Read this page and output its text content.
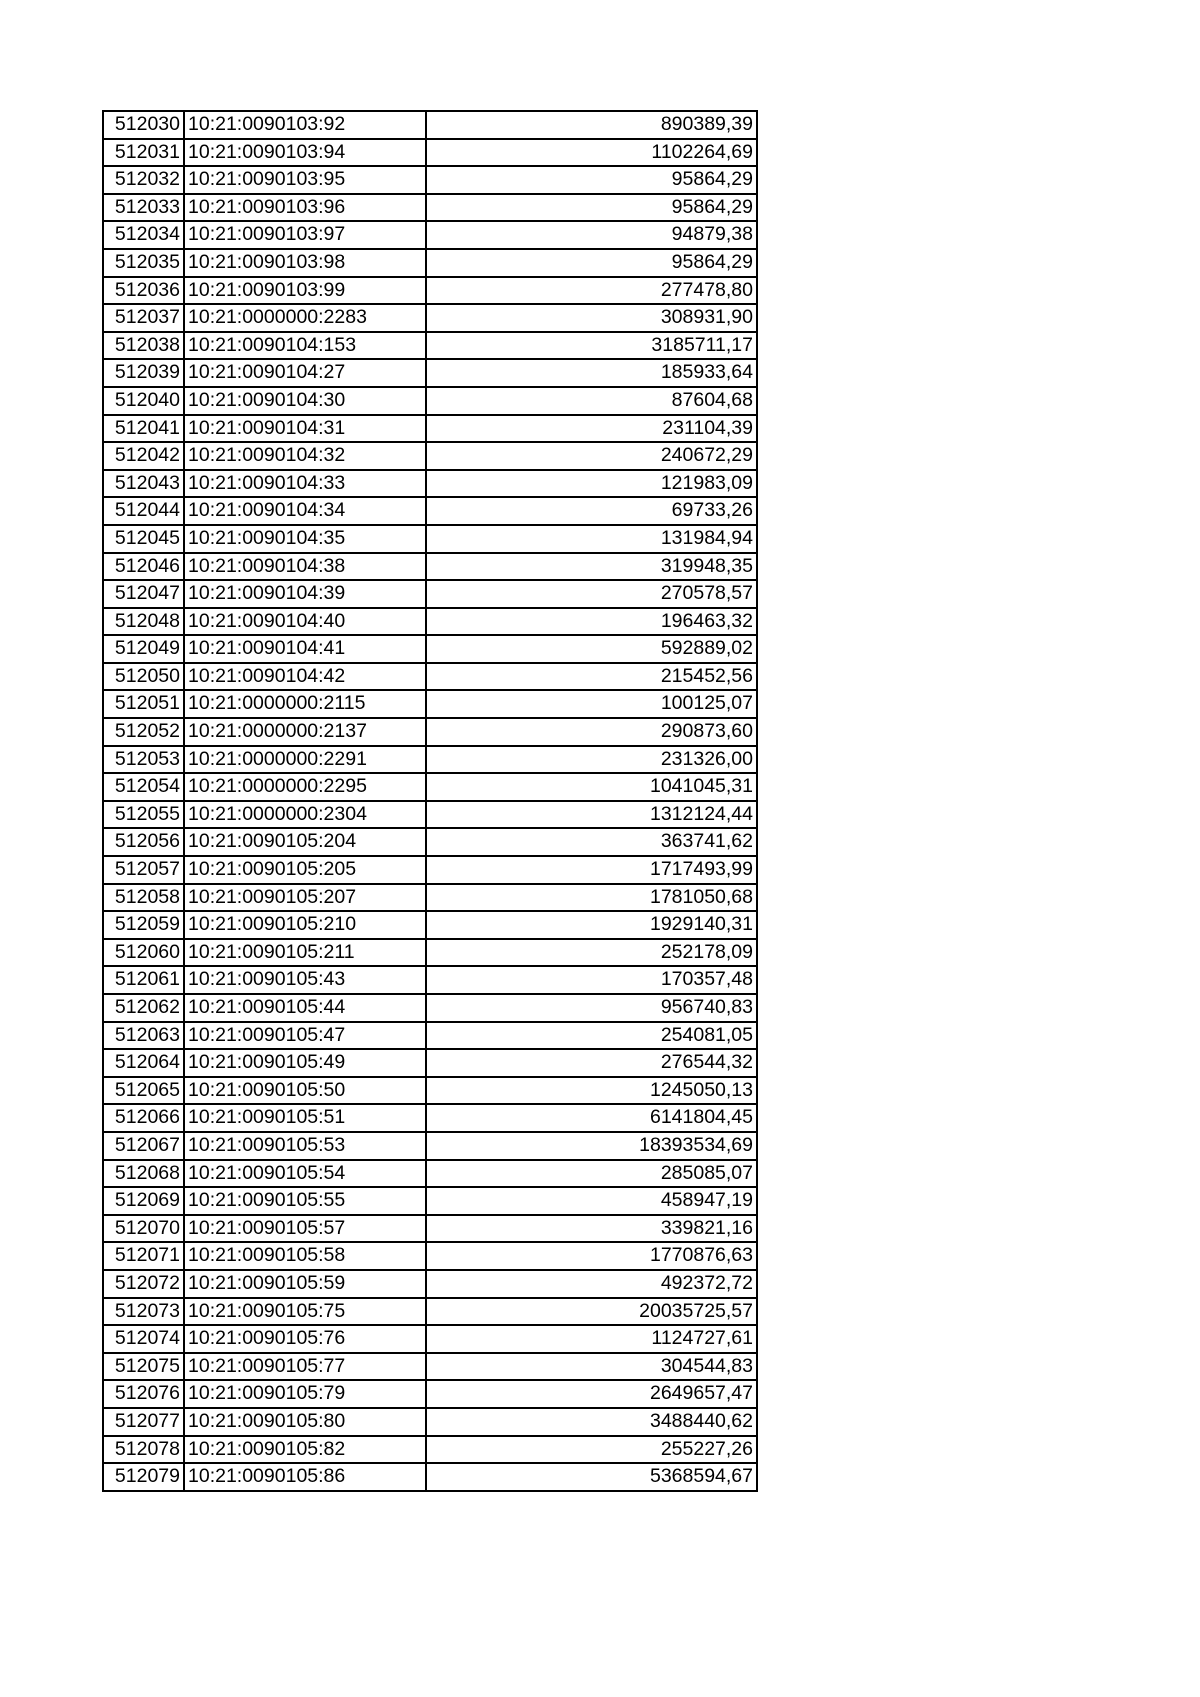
512030	10:21:0090103:92	890389,39
512031	10:21:0090103:94	1102264,69
512032	10:21:0090103:95	95864,29
512033	10:21:0090103:96	95864,29
512034	10:21:0090103:97	94879,38
512035	10:21:0090103:98	95864,29
512036	10:21:0090103:99	277478,80
512037	10:21:0000000:2283	308931,90
512038	10:21:0090104:153	3185711,17
512039	10:21:0090104:27	185933,64
512040	10:21:0090104:30	87604,68
512041	10:21:0090104:31	231104,39
512042	10:21:0090104:32	240672,29
512043	10:21:0090104:33	121983,09
512044	10:21:0090104:34	69733,26
512045	10:21:0090104:35	131984,94
512046	10:21:0090104:38	319948,35
512047	10:21:0090104:39	270578,57
512048	10:21:0090104:40	196463,32
512049	10:21:0090104:41	592889,02
512050	10:21:0090104:42	215452,56
512051	10:21:0000000:2115	100125,07
512052	10:21:0000000:2137	290873,60
512053	10:21:0000000:2291	231326,00
512054	10:21:0000000:2295	1041045,31
512055	10:21:0000000:2304	1312124,44
512056	10:21:0090105:204	363741,62
512057	10:21:0090105:205	1717493,99
512058	10:21:0090105:207	1781050,68
512059	10:21:0090105:210	1929140,31
512060	10:21:0090105:211	252178,09
512061	10:21:0090105:43	170357,48
512062	10:21:0090105:44	956740,83
512063	10:21:0090105:47	254081,05
512064	10:21:0090105:49	276544,32
512065	10:21:0090105:50	1245050,13
512066	10:21:0090105:51	6141804,45
512067	10:21:0090105:53	18393534,69
512068	10:21:0090105:54	285085,07
512069	10:21:0090105:55	458947,19
512070	10:21:0090105:57	339821,16
512071	10:21:0090105:58	1770876,63
512072	10:21:0090105:59	492372,72
512073	10:21:0090105:75	20035725,57
512074	10:21:0090105:76	1124727,61
512075	10:21:0090105:77	304544,83
512076	10:21:0090105:79	2649657,47
512077	10:21:0090105:80	3488440,62
512078	10:21:0090105:82	255227,26
512079	10:21:0090105:86	5368594,67
